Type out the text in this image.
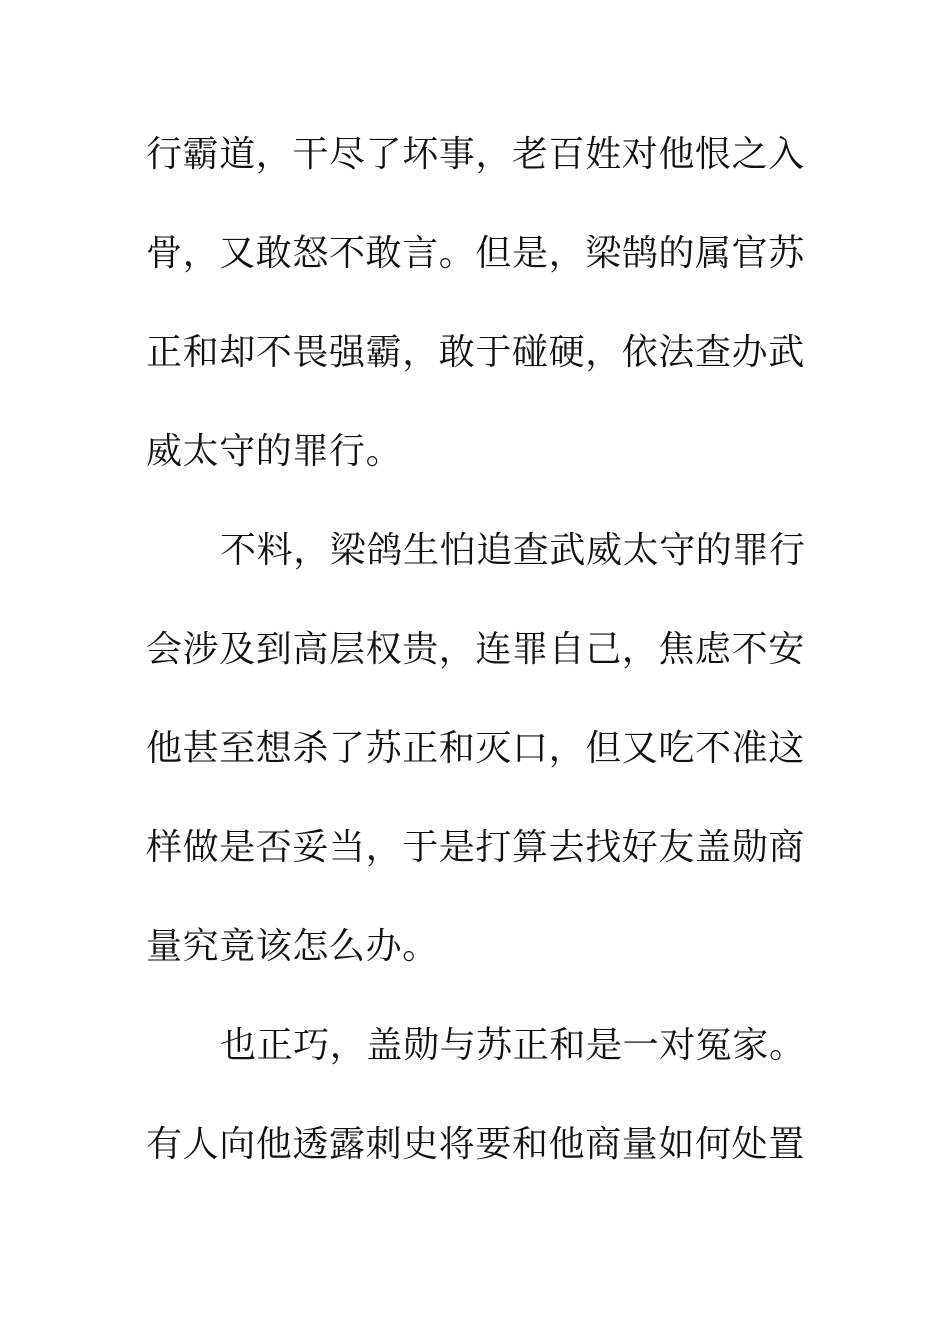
行霸道，干尽了坏事，老百姓对他恨之入
骨，又敢怒不敢言。但是，梁鹄的属官苏
正和却不畏强霸，敢于碰硬，依法查办武
威太守的罪行。
不料，梁鸽生怕追查武威太守的罪行
会涉及到高层权贵，连罪自己，焦虑不安
他甚至想杀了苏正和灭口，但又吃不准这
样做是否妥当，于是打算去找好友盖勋商
量究竟该怎么办。
也正巧，盖勋与苏正和是一对冤家。
有人向他透露刺史将要和他商量如何处置
